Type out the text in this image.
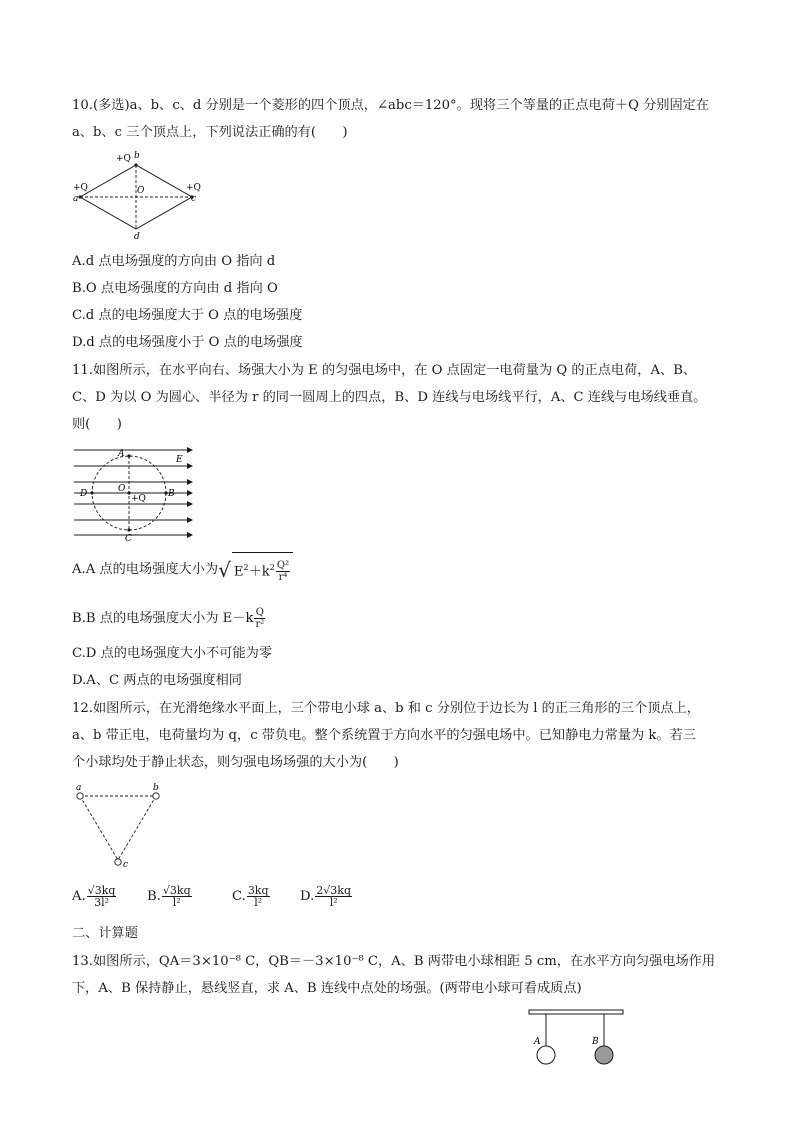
10.(多选)a、b、c、d 分别是一个菱形的四个顶点，∠abc＝120°。现将三个等量的正点电荷＋Q 分别固定在
a、b、c 三个顶点上，下列说法正确的有(　　)
+Q b
+Q
a
O	+Q
c
d
A.d 点电场强度的方向由 O 指向 d
B.O 点电场强度的方向由 d 指向 O
C.d 点的电场强度大于 O 点的电场强度
D.d 点的电场强度小于 O 点的电场强度
11.如图所示，在水平向右、场强大小为 E 的匀强电场中，在 O 点固定一电荷量为 Q 的正点电荷，A、B、
C、D 为以 O 为圆心、半径为 r 的同一圆周上的四点，B、D 连线与电场线平行，A、C 连线与电场线垂直。
则(　　)
A
E
D	O
+Q B
C
A.A 点的电场强度大小为√ $E^2+k^2 \frac{\text{Q²}}{\text{r⁴}}$
B.B 点的电场强度大小为 $E-k \frac{Q}{\text{r²}}$
C.D 点的电场强度大小不可能为零
D.A、C 两点的电场强度相同
12.如图所示，在光滑绝缘水平面上，三个带电小球 a、b 和 c 分别位于边长为 l 的正三角形的三个顶点上，
a、b 带正电，电荷量均为 q，c 带负电。整个系统置于方向水平的匀强电场中。已知静电力常量为 k。若三
个小球均处于静止状态，则匀强电场场强的大小为(　　)
a	b
c
A. $\frac{√3kq}{\text{3l²}} B$. $\frac{√3kq}{\text{l²}}$	C. $\frac{3kq}{\text{l²}} D$. $\frac{2√3kq}{\text{l²}}$
二、计算题
13.如图所示，QA＝3×10⁻⁸ C，QB＝－3×10⁻⁸ C，A、B 两带电小球相距 5 cm，在水平方向匀强电场作用
下，A、B 保持静止，悬线竖直，求 A、B 连线中点处的场强。(两带电小球可看成质点)
A	B
